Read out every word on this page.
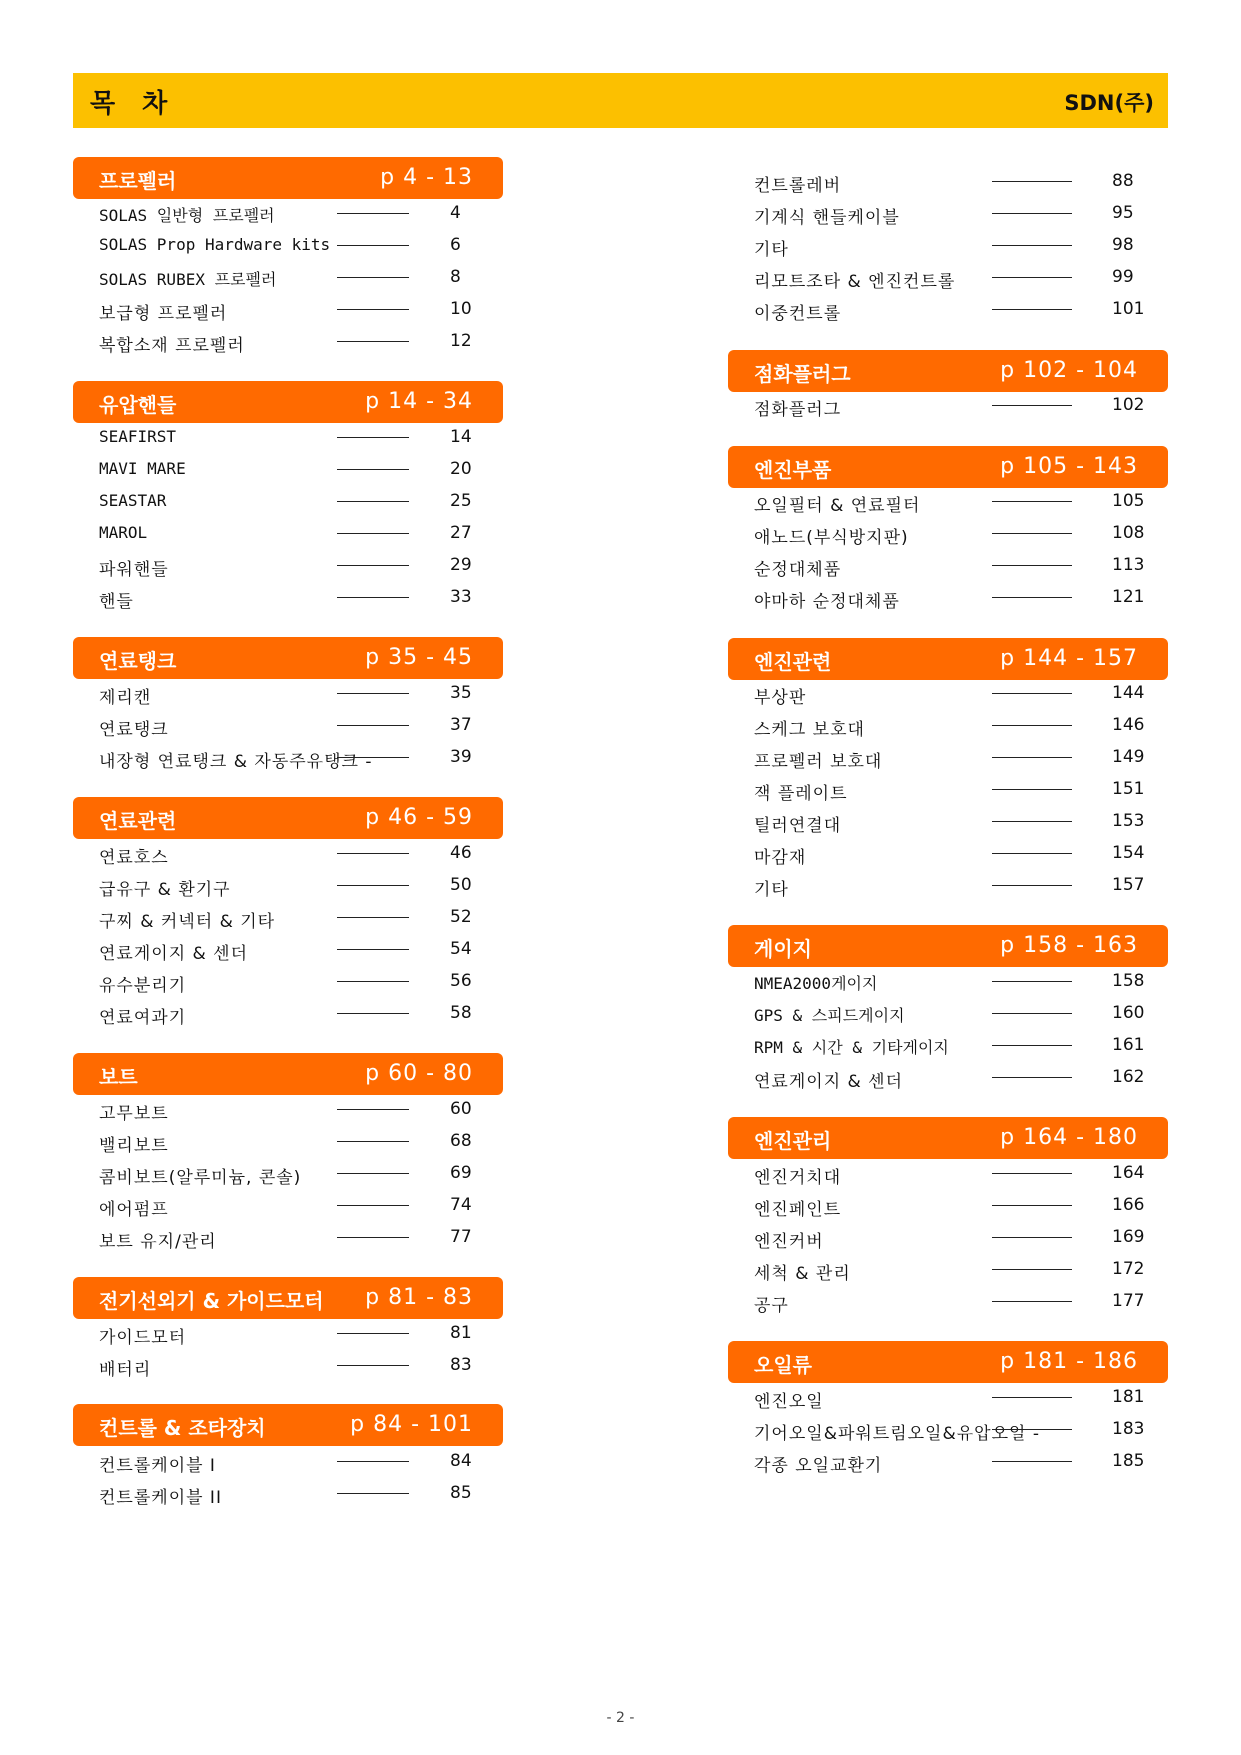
목 차	SDN(주)
프로펠러	p 4 - 13
SOLAS 일반형 프로펠러	4
SOLAS Prop Hardware kits	6
SOLAS RUBEX 프로펠러	8
보급형 프로펠러	10
복합소재 프로펠러	12
유압핸들	p 14 - 34
SEAFIRST	14
MAVI MARE	20
SEASTAR	25
MAROL	27
파워핸들	29
핸들	33
연료탱크	p 35 - 45
제리캔	35
연료탱크	37
내장형 연료탱크 & 자동주유탱크 -	39
연료관련	p 46 - 59
연료호스	46
급유구 & 환기구	50
구찌 & 커넥터 & 기타	52
연료게이지 & 센더	54
유수분리기	56
연료여과기	58
보트	p 60 - 80
고무보트	60
밸리보트	68
콤비보트(알루미늄, 콘솔)	69
에어펌프	74
보트 유지/관리	77
전기선외기 & 가이드모터 p 81 - 83
가이드모터	81
배터리	83
컨트롤 & 조타장치	p 84 - 101
컨트롤케이블 I	84
컨트롤케이블 II	85
컨트롤레버	88
기계식 핸들케이블	95
기타	98
리모트조타 & 엔진컨트롤	99
이중컨트롤	101
점화플러그	p 102 - 104
점화플러그	102
엔진부품	p 105 - 143
오일필터 & 연료필터	105
애노드(부식방지판)	108
순정대체품	113
야마하 순정대체품	121
엔진관련	p 144 - 157
부상판	144
스케그 보호대	146
프로펠러 보호대	149
잭 플레이트	151
틸러연결대	153
마감재	154
기타	157
게이지	p 158 - 163
NMEA2000게이지	158
GPS & 스피드게이지	160
RPM & 시간 & 기타게이지	161
연료게이지 & 센더	162
엔진관리	p 164 - 180
엔진거치대	164
엔진페인트	166
엔진커버	169
세척 & 관리	172
공구	177
오일류	p 181 - 186
엔진오일	181
기어오일&파워트림오일&유압오일 -	183
각종 오일교환기	185
- 2 -
